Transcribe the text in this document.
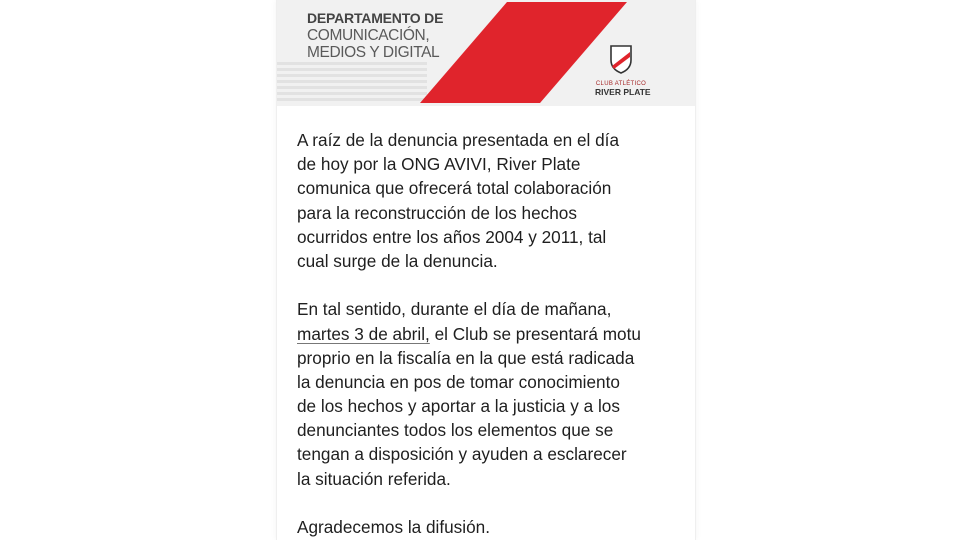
DEPARTAMENTO DE
COMUNICACIÓN,
MEDIOS Y DIGITAL
CLUB ATLÉTICO
RIVER PLATE
A raíz de la denuncia presentada en el día
de hoy por la ONG AVIVI, River Plate
comunica que ofrecerá total colaboración
para la reconstrucción de los hechos
ocurridos entre los años 2004 y 2011, tal
cual surge de la denuncia.
En tal sentido, durante el día de mañana,
martes 3 de abril, el Club se presentará motu
proprio en la fiscalía en la que está radicada
la denuncia en pos de tomar conocimiento
de los hechos y aportar a la justicia y a los
denunciantes todos los elementos que se
tengan a disposición y ayuden a esclarecer
la situación referida.
Agradecemos la difusión.
